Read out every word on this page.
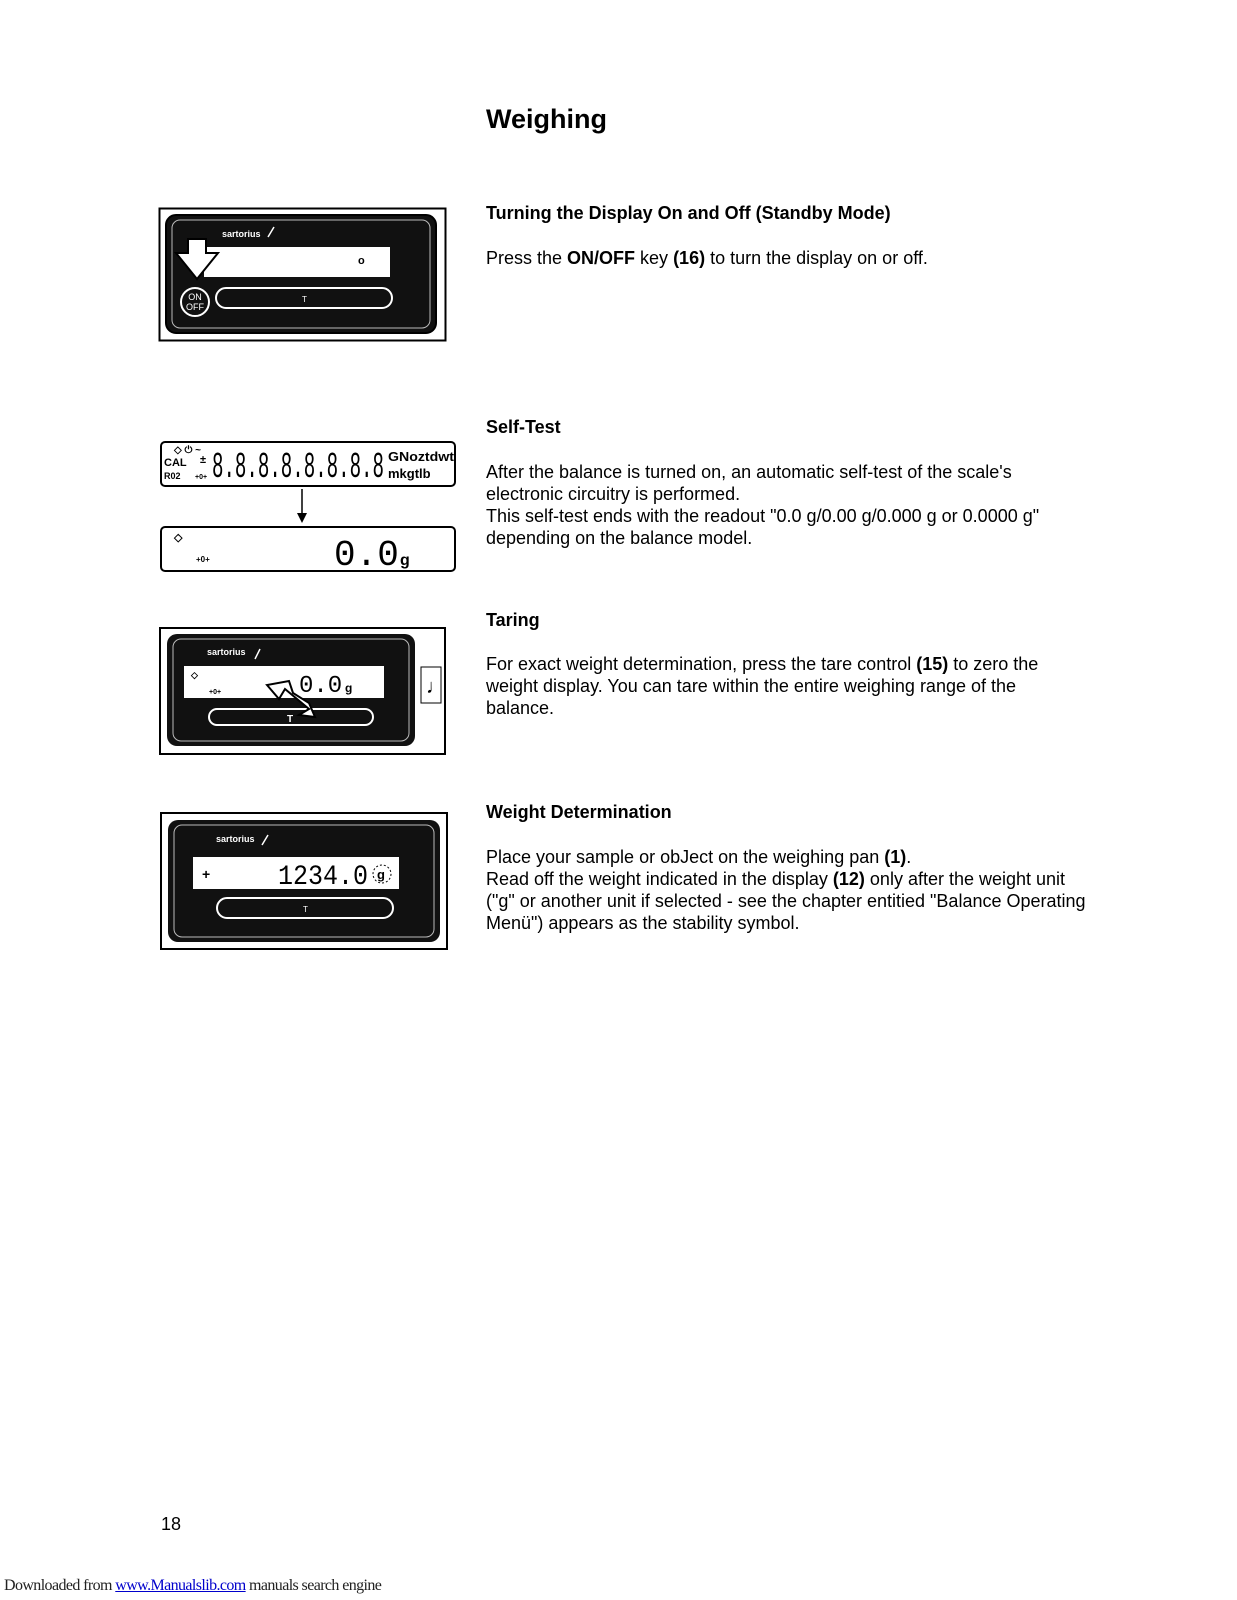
Weighing
sartorius
o
T
ON
OFF
Turning the Display On and Off (Standby Mode)

Press the ON/OFF key (16) to turn the display on or off.

◇ ⏻ ~
CAL ±
R02 +0+ 8.8.8.8.8.8.8.8 GNoztdwt
mkgtlb
◇
+0+	0.0 g
Self-Test

After the balance is turned on, an automatic self-test of the scale's electronic circuitry is performed.

This self-test ends with the readout "0.0 g/0.00 g/0.000 g or 0.0000 g" depending on the balance model.

sartorius
◇
+0+	0.0 g
T
♩
Taring

For exact weight determination, press the tare control (15) to zero the weight display. You can tare within the entire weighing range of the balance.

sartorius
+ 1234.0 g
T
Weight Determination

Place your sample or obJect on the weighing pan (1).

Read off the weight indicated in the display (12) only after the weight unit ("g" or another unit if selected - see the chapter entitied "Balance Operating Menü") appears as the stability symbol.

18
Downloaded from www.Manualslib.com manuals search engine
